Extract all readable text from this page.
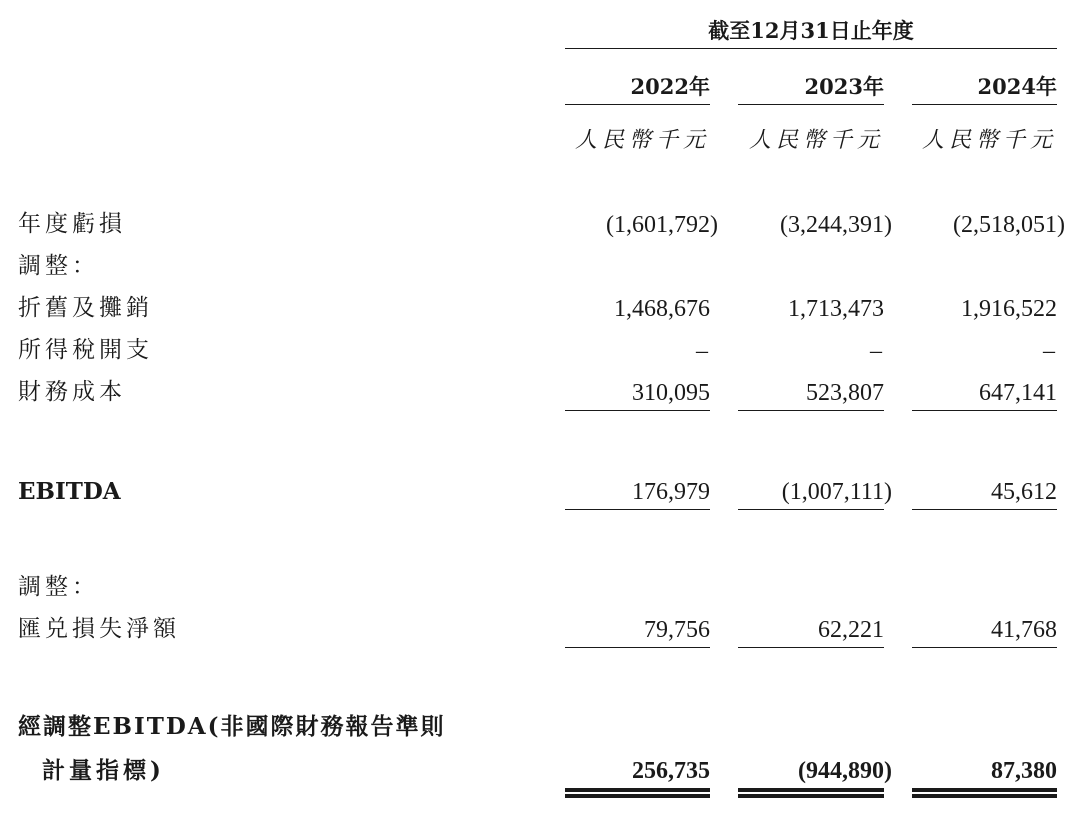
截至12月31日止年度
2022年	2023年	2024年
人民幣千元 人民幣千元 人民幣千元
年度虧損	(1,601,792)	(3,244,391)	(2,518,051)
調整：
折舊及攤銷	1,468,676	1,713,473	1,916,522
所得稅開支	–	–	–
財務成本	310,095	523,807	647,141
EBITDA	176,979	(1,007,111)	45,612
調整：
匯兑損失淨額	79,756	62,221	41,768
經調整EBITDA(非國際財務報告準則
計量指標)	256,735	(944,890)	87,380
